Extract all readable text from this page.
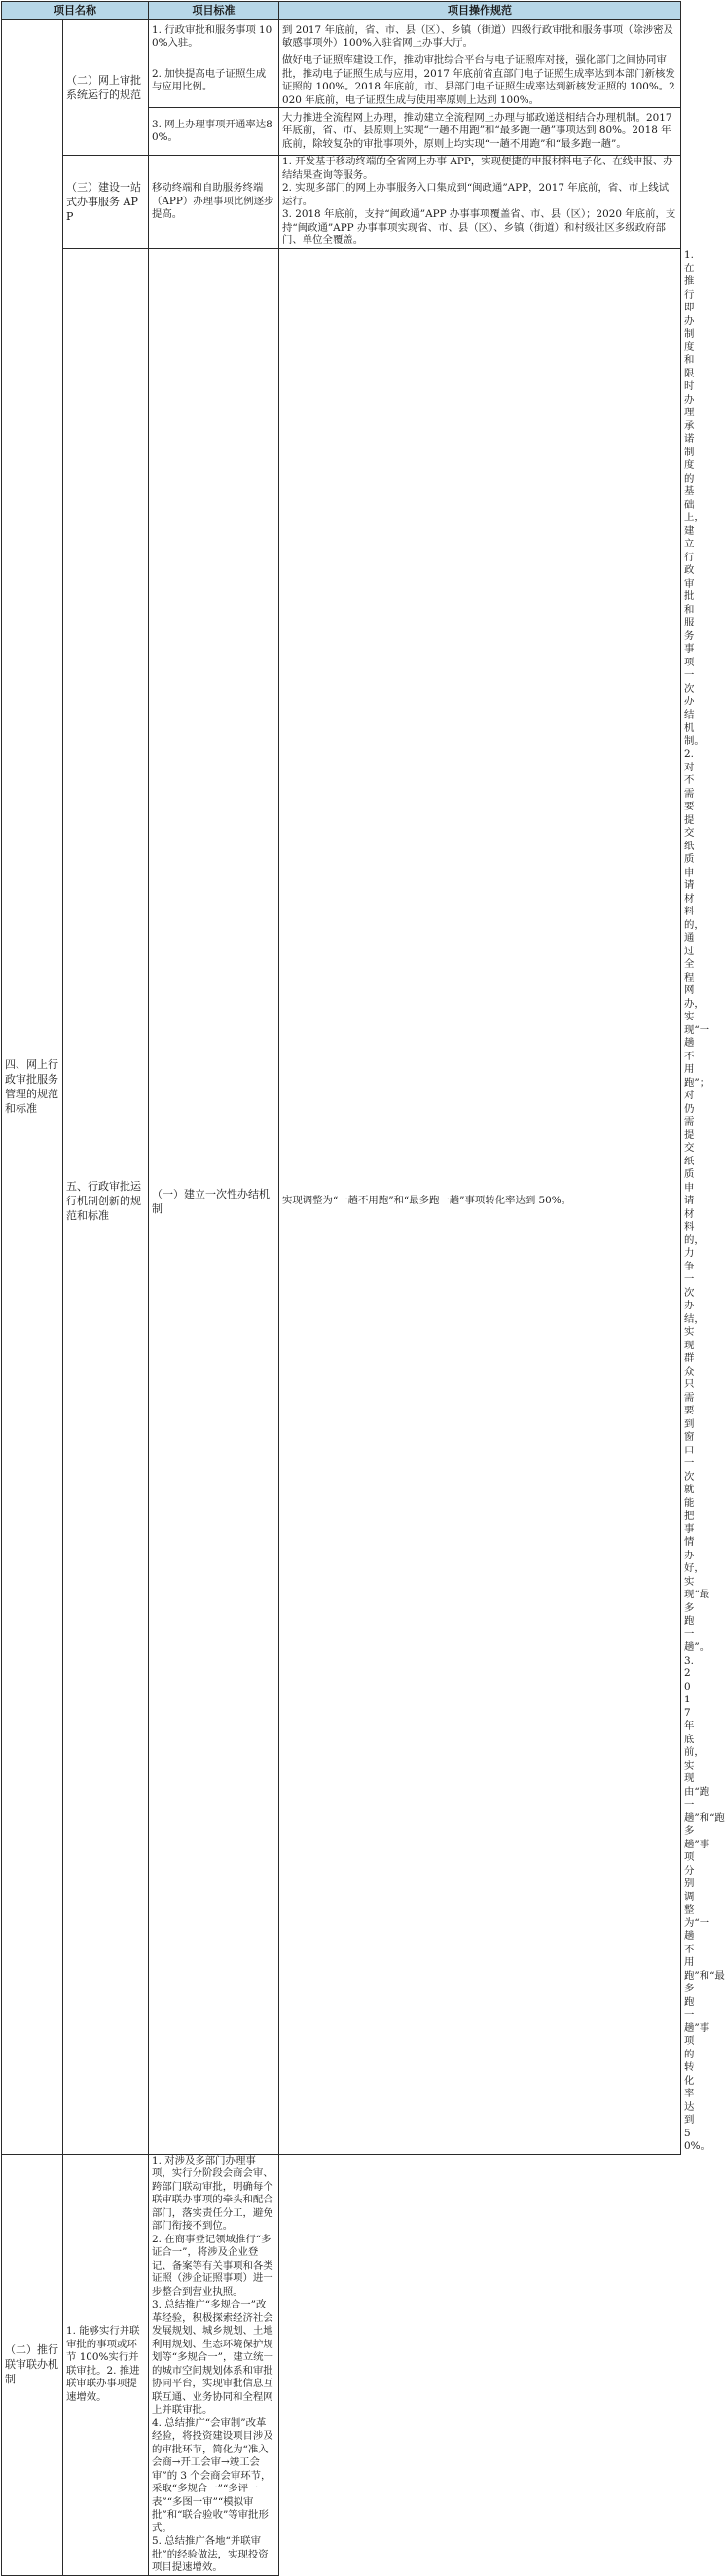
项目名称		项目标准	项目操作规范	
四、网上行政审批服务管理的规范和标准	（二）网上审批系统运行的规范	1. 行政审批和服务事项 100%入驻。	到 2017 年底前，省、市、县（区）、乡镇（街道）四级行政审批和服务事项（除涉密及敏感事项外）100%入驻省网上办事大厅。	

		2. 加快提高电子证照生成与应用比例。	做好电子证照库建设工作，推动审批综合平台与电子证照库对接，强化部门之间协同审批，推动电子证照生成与应用，2017 年底前省直部门电子证照生成率达到本部门新核发证照的 100%。2018 年底前，市、县部门电子证照生成率达到新核发证照的 100%。2020 年底前，电子证照生成与使用率原则上达到 100%。	

		3. 网上办理事项开通率达80%。	大力推进全流程网上办理，推动建立全流程网上办理与邮政递送相结合办理机制。2017 年底前，省、市、县原则上实现“一趟不用跑”和“最多跑一趟”事项达到 80%。2018 年底前，除较复杂的审批事项外，原则上均实现“一趟不用跑”和“最多跑一趟”。	

	（三）建设一站式办事服务 APP	移动终端和自助服务终端（APP）办理事项比例逐步提高。	1. 开发基于移动终端的全省网上办事 APP，实现便捷的申报材料电子化、在线申报、办结结果查询等服务。
2. 实现多部门的网上办事服务入口集成到“闽政通”APP，2017 年底前，省、市上线试运行。
3. 2018 年底前，支持“闽政通”APP 办事事项覆盖省、市、县（区）；2020 年底前，支持“闽政通”APP 办事事项实现省、市、县（区）、乡镇（街道）和村级社区多级政府部门、单位全覆盖。	

	五、行政审批运行机制创新的规范和标准	（一）建立一次性办结机制	实现调整为“一趟不用跑”和“最多跑一趟”事项转化率达到 50%。	1. 在推行即办制度和限时办理承诺制度的基础上，建立行政审批和服务事项一次办结机制。
2. 对不需要提交纸质申请材料的，通过全程网办，实现“一趟不用跑”；对仍需提交纸质申请材料的，力争一次办结，实现群众只需要到窗口一次就能把事情办好，实现“最多跑一趟”。
3. 2017 年底前，实现由“跑一趟”和“跑多趟”事项分别调整为“一趟不用跑”和“最多跑一趟”事项的转化率达到 50%。

（二）推行联审联办机制	1. 能够实行并联审批的事项或环节 100%实行并联审批。2. 推进联审联办事项提速增效。	1. 对涉及多部门办理事项，实行分阶段会商会审、跨部门联动审批，明确每个联审联办事项的牵头和配合部门，落实责任分工，避免部门衔接不到位。
2. 在商事登记领域推行“多证合一”，将涉及企业登记、备案等有关事项和各类证照（涉企证照事项）进一步整合到营业执照。
3. 总结推广“多规合一”改革经验，积极探索经济社会发展规划、城乡规划、土地利用规划、生态环境保护规划等“多规合一”，建立统一的城市空间规划体系和审批协同平台，实现审批信息互联互通、业务协同和全程网上并联审批。
4. 总结推广“会审制”改革经验，将投资建设项目涉及的审批环节，简化为“准入会商→开工会审→竣工会审”的 3 个会商会审环节，采取“多规合一”“多评一表”“多图一审”“模拟审批”和“联合验收”等审批形式。
5. 总结推广各地“并联审批”的经验做法，实现投资项目提速增效。		
